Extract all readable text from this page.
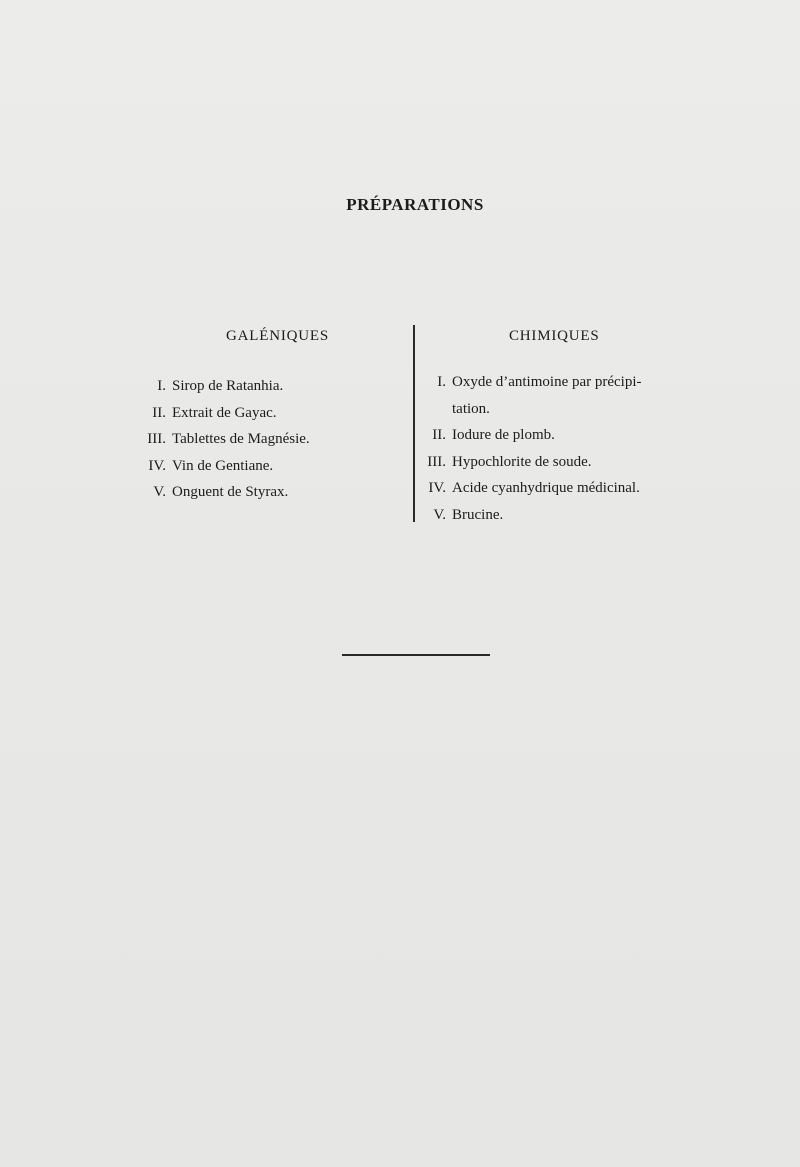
PRÉPARATIONS
GALÉNIQUES	CHIMIQUES
I. Sirop de Ratanhia.
II. Extrait de Gayac.
III. Tablettes de Magnésie.
IV. Vin de Gentiane.
V. Onguent de Styrax.
I. Oxyde d’antimoine par précipi-
tation.
II. Iodure de plomb.
III. Hypochlorite de soude.
IV. Acide cyanhydrique médicinal.
V. Brucine.
